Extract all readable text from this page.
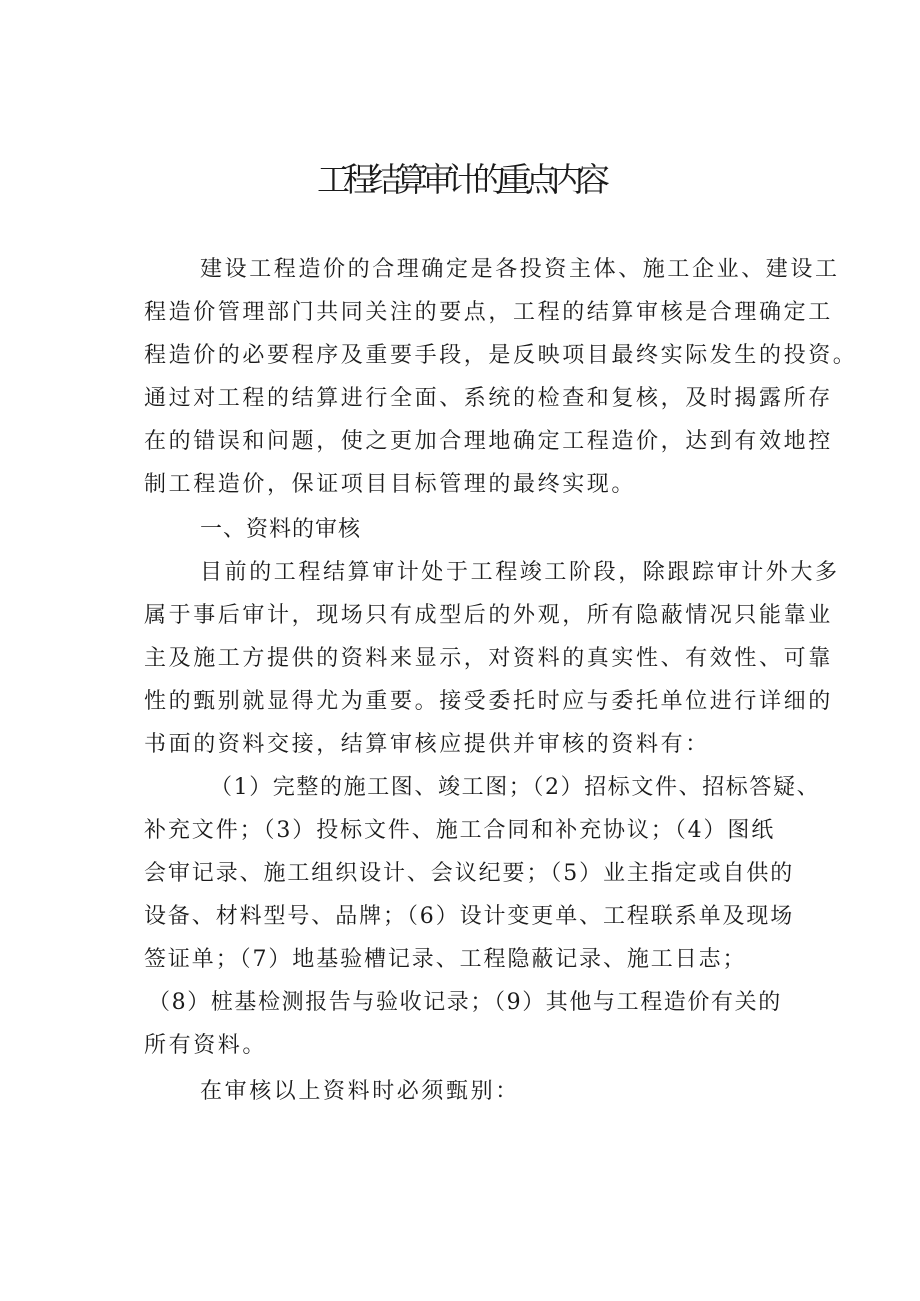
工程结算审计的重点内容
建设工程造价的合理确定是各投资主体、施工企业、建设工
程造价管理部门共同关注的要点，工程的结算审核是合理确定工
程造价的必要程序及重要手段，是反映项目最终实际发生的投资。
通过对工程的结算进行全面、系统的检查和复核，及时揭露所存
在的错误和问题，使之更加合理地确定工程造价，达到有效地控
制工程造价，保证项目目标管理的最终实现。
一、资料的审核
目前的工程结算审计处于工程竣工阶段，除跟踪审计外大多
属于事后审计，现场只有成型后的外观，所有隐蔽情况只能靠业
主及施工方提供的资料来显示，对资料的真实性、有效性、可靠
性的甄别就显得尤为重要。接受委托时应与委托单位进行详细的
书面的资料交接，结算审核应提供并审核的资料有：
（1）完整的施工图、竣工图；（2）招标文件、招标答疑、
补充文件；（3）投标文件、施工合同和补充协议；（4）图纸
会审记录、施工组织设计、会议纪要；（5）业主指定或自供的
设备、材料型号、品牌；（6）设计变更单、工程联系单及现场
签证单；（7）地基验槽记录、工程隐蔽记录、施工日志；
（8）桩基检测报告与验收记录；（9）其他与工程造价有关的
所有资料。
在审核以上资料时必须甄别：
